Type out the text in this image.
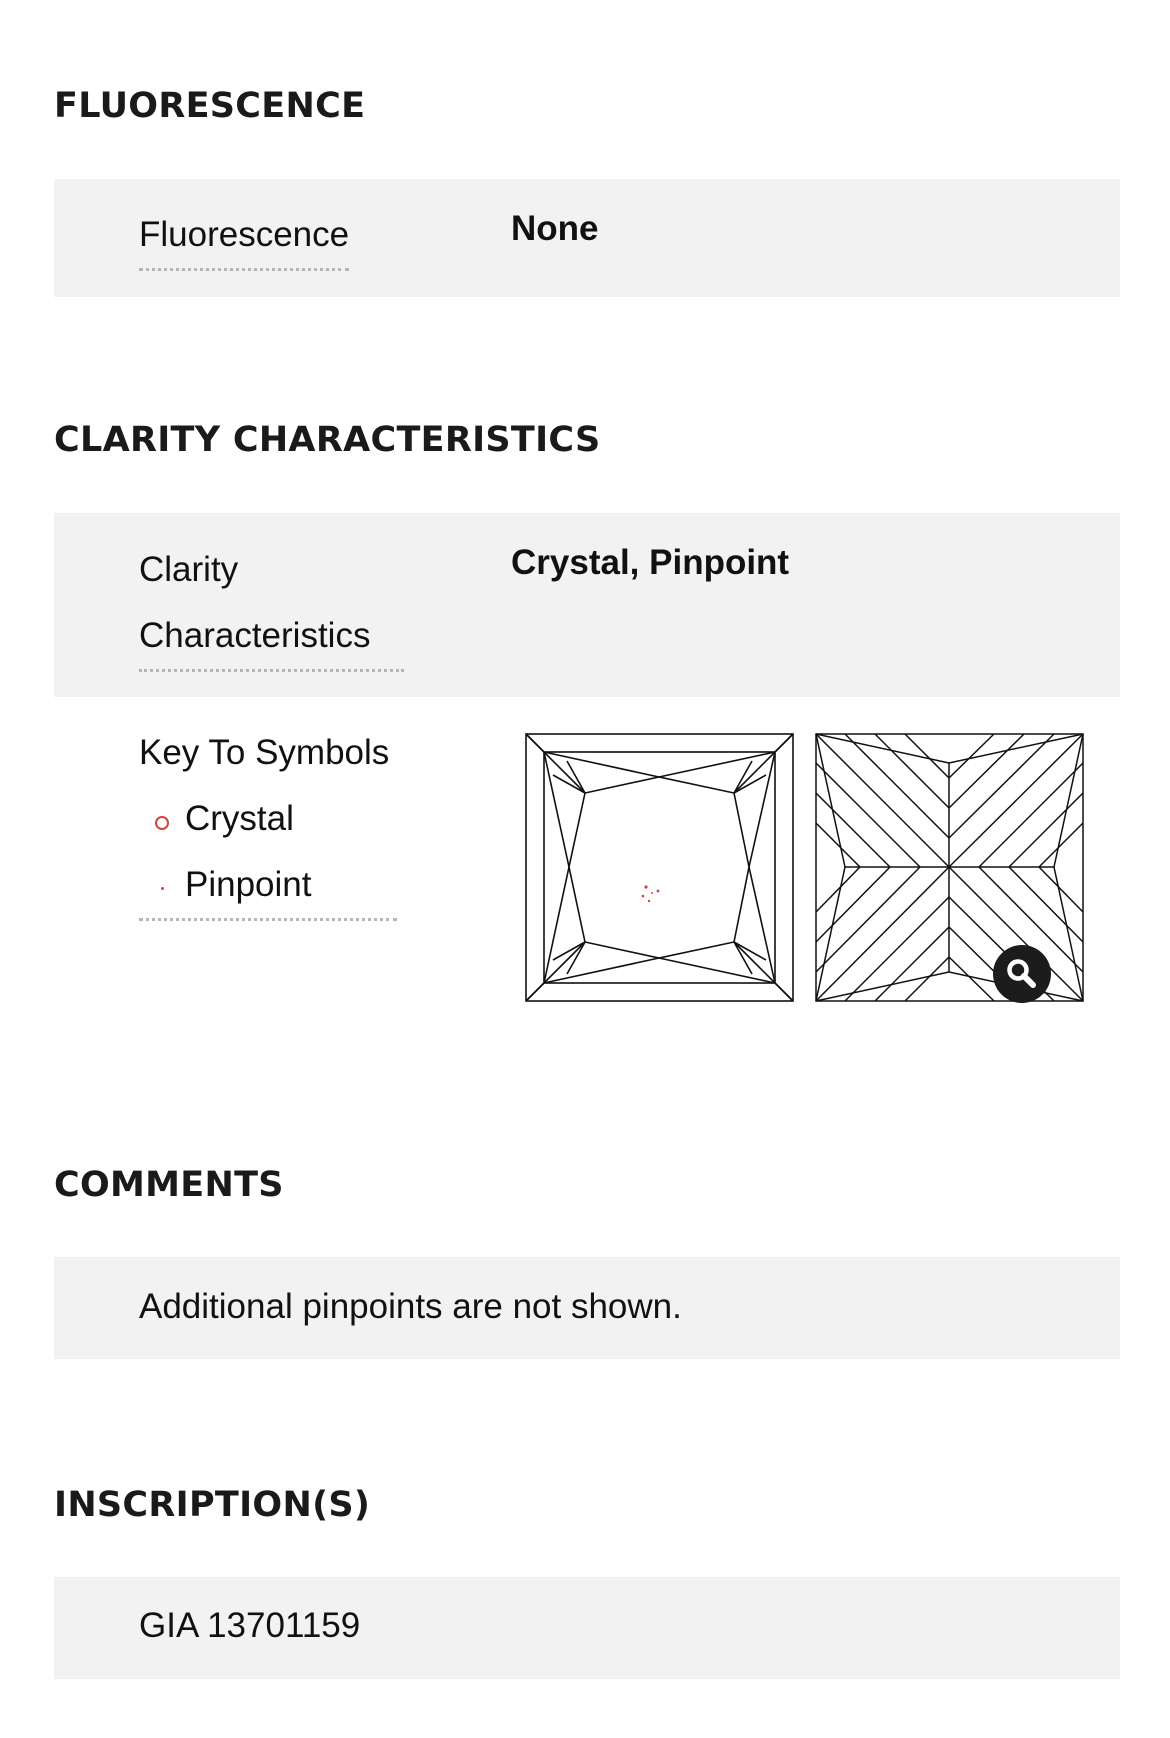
FLUORESCENCE
Fluorescence	None
CLARITY CHARACTERISTICS
Clarity
Characteristics
Crystal, Pinpoint
Key To Symbols
Crystal
Pinpoint
COMMENTS
Additional pinpoints are not shown.
INSCRIPTION(S)
GIA 13701159
